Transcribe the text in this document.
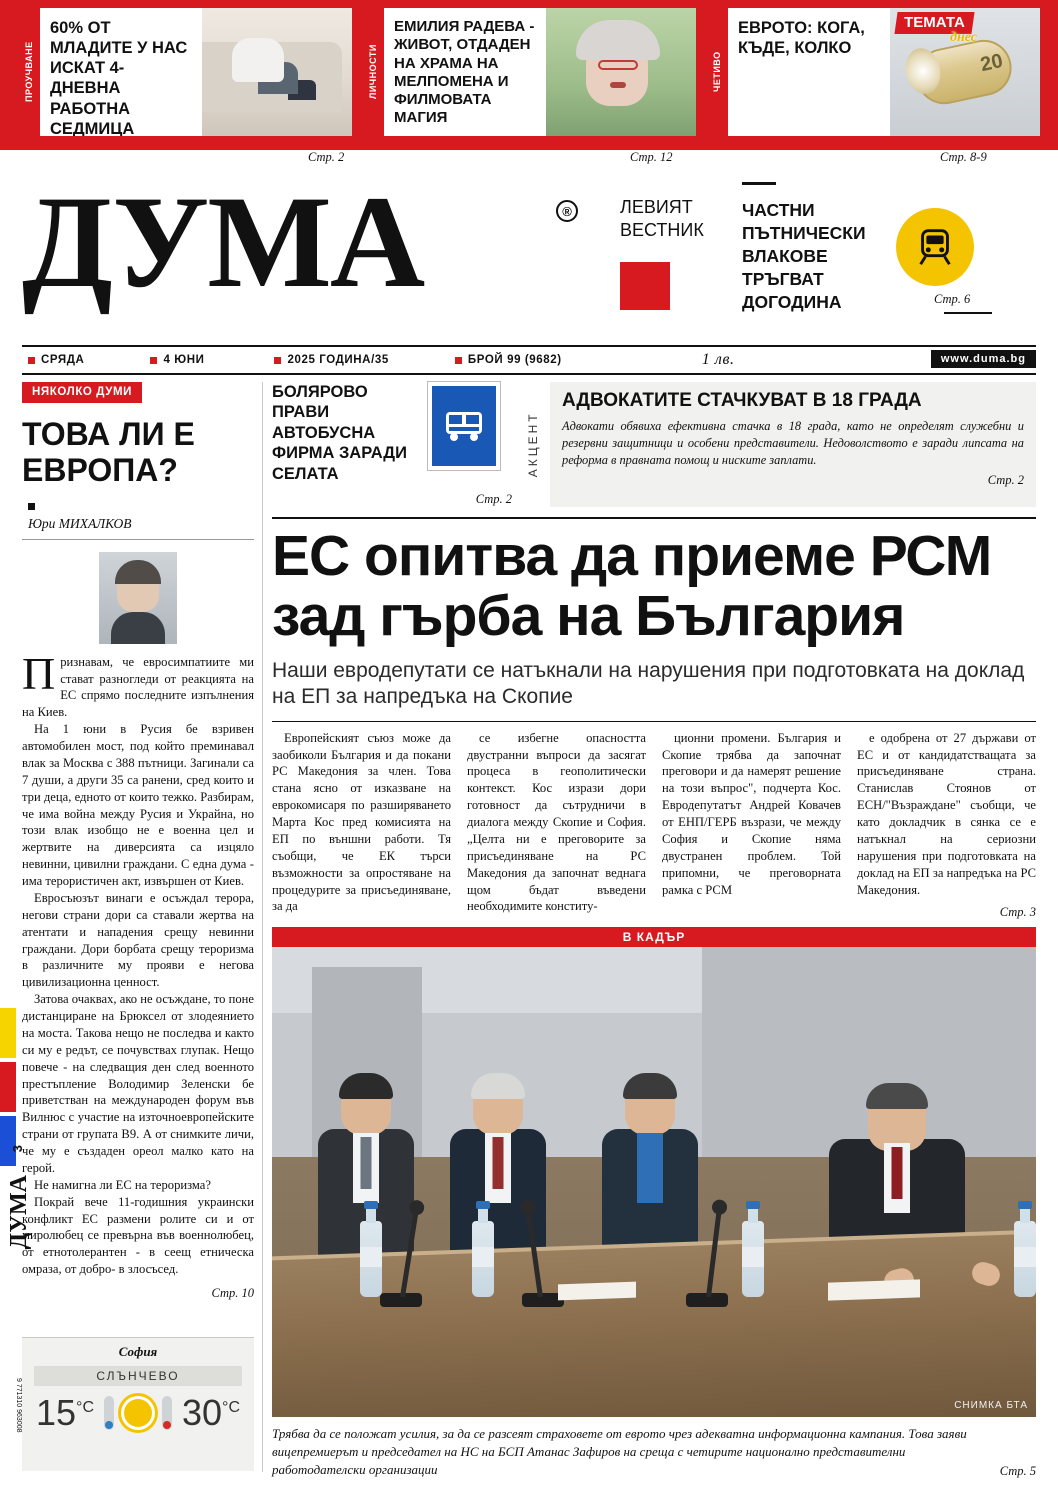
ПРОУЧВАНЕ
60% ОТ МЛАДИТЕ У НАС ИСКАТ 4-ДНЕВНА РАБОТНА СЕДМИЦА
ЛИЧНОСТИ
ЕМИЛИЯ РАДЕВА - ЖИВОТ, ОТДАДЕН НА ХРАМА НА МЕЛПОМЕНА И ФИЛМОВАТА МАГИЯ
ЧЕТИВО
ЕВРОТО: КОГА, КЪДЕ, КОЛКО
ТЕМАТА
днес
20
Стр. 2	Стр. 12	Стр. 8-9
ДУМА	®	ЛЕВИЯТ
ВЕСТНИК
ЧАСТНИ ПЪТНИЧЕСКИ ВЛАКОВЕ ТРЪГВАТ ДОГОДИНА	Стр. 6
СРЯДА	4 ЮНИ	2025 ГОДИНА/35	БРОЙ 99 (9682)	1 лв.	www.duma.bg
НЯКОЛКО ДУМИ
ТОВА ЛИ Е ЕВРОПА?
Юри МИХАЛКОВ

Признавам, че евросимпатиите ми стават разногледи от реакцията на ЕС спрямо последните изпълнения на Киев.

На 1 юни в Русия бе взривен автомобилен мост, под който преминавал влак за Москва с 388 пътници. Загинали са 7 души, а други 35 са ранени, сред които и три деца, едното от които тежко. Разбирам, че има война между Русия и Украйна, но този влак изобщо не е военна цел и жертвите на диверсията са изцяло невинни, цивилни граждани. С една дума - има терористичен акт, извършен от Киев.

Евросъюзът винаги е осъждал терора, негови страни дори са ставали жертва на атентати и нападения срещу невинни граждани. Дори борбата срещу тероризма в различните му прояви е негова цивилизационна ценност.

Затова очаквах, ако не осъждане, то поне дистанциране на Брюксел от злодеянието на моста. Такова нещо не последва и както си му е редът, се почувствах глупак. Нещо повече - на следващия ден след военното престъпление Володимир Зеленски бе приветстван на международен форум във Вилнюс с участие на източноевропейските страни от групата В9. А от снимките личи, че му е създаден ореол малко като на герой.

Не намигна ли ЕС на тероризма?

Покрай вече 11-годишния украински конфликт ЕС размени ролите си и от миролюбец се превърна във военнолюбец, от етнотолерантен - в сеещ етническа омраза, от добро- в злосъсед.

Стр. 10
3
ДУМА
9 771310 963008
София
СЛЪНЧЕВО
$15^{^\circ C}$ $30^{^\circ C}$
БОЛЯРОВО ПРАВИ АВТОБУСНА ФИРМА ЗАРАДИ СЕЛАТА
Стр. 2
АКЦЕНТ
АДВОКАТИТЕ СТАЧКУВАТ В 18 ГРАДА
Адвокати обявиха ефективна стачка в 18 града, като не определят служебни и резервни защитници и особени представители. Недоволството е заради липсата на реформа в правната помощ и ниските заплати.
Стр. 2
ЕС опитва да приеме РСМ зад гърба на България
Наши евродепутати се натъкнали на нарушения при подготовката на доклад на ЕП за напредъка на Скопие

Европейският съюз може да заобиколи България и да покани РС Македония за член. Това стана ясно от изказване на еврокомисаря по разширяването Марта Кос пред комисията на ЕП по външни работи. Тя съобщи, че ЕК търси възможности за опростяване на процедурите за присъединяване, за да

се избегне опасността двустранни въпроси да засягат процеса в геополитически контекст. Кос изрази дори готовност да сътрудничи в диалога между Скопие и София. „Целта ни е преговорите за присъединяване на РС Македония да започнат веднага щом бъдат въведени необходимите конститу-

ционни промени. България и Скопие трябва да започнат преговори и да намерят решение на този въпрос", подчерта Кос. Евродепутатът Андрей Ковачев от ЕНП/ГЕРБ възрази, че между София и Скопие няма двустранен проблем. Той припомни, че преговорната рамка с РСМ

е одобрена от 27 държави от ЕС и от кандидатстващата за присъединяване страна. Станислав Стоянов от ЕСН/"Възраждане" съобщи, че като докладчик в сянка се е натъкнал на сериозни нарушения при подготовката на доклад на ЕП за напредъка на РС Македония.

Стр. 3
В КАДЪР
СНИМКА БТА
Трябва да се положат усилия, за да се разсеят страховете от еврото чрез адекватна информационна кампания. Това заяви вицепремиерът и председател на НС на БСП Атанас Зафиров на среща с четирите национално представителни работодателски организации	Стр. 5
